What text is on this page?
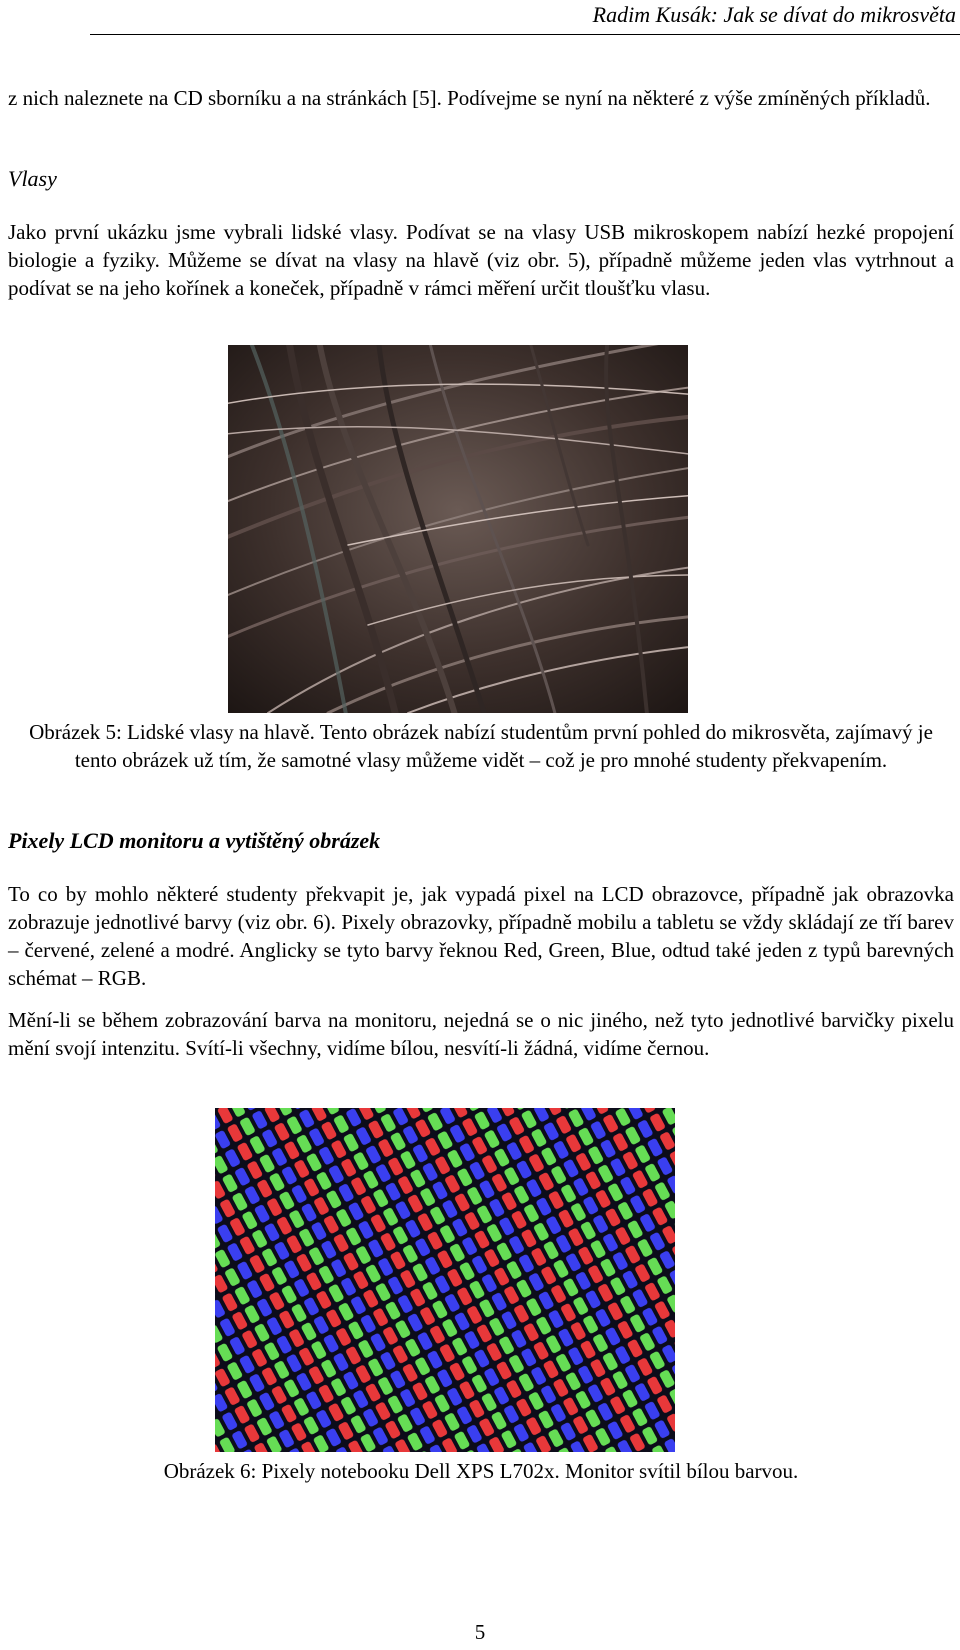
Radim Kusák: Jak se dívat do mikrosvěta
z nich naleznete na CD sborníku a na stránkách [5]. Podívejme se nyní na některé z výše zmíněných příkladů.
Vlasy
Jako první ukázku jsme vybrali lidské vlasy. Podívat se na vlasy USB mikroskopem nabízí hezké propojení biologie a fyziky. Můžeme se dívat na vlasy na hlavě (viz obr. 5), případně můžeme jeden vlas vytrhnout a podívat se na jeho kořínek a koneček, případně v rámci měření určit tloušťku vlasu.
Obrázek 5: Lidské vlasy na hlavě. Tento obrázek nabízí studentům první pohled do mikrosvěta, zajímavý je tento obrázek už tím, že samotné vlasy můžeme vidět – což je pro mnohé studenty překvapením.
Pixely LCD monitoru a vytištěný obrázek
To co by mohlo některé studenty překvapit je, jak vypadá pixel na LCD obrazovce, případně jak obrazovka zobrazuje jednotlivé barvy (viz obr. 6). Pixely obrazovky, případně mobilu a tabletu se vždy skládají ze tří barev – červené, zelené a modré. Anglicky se tyto barvy řeknou Red, Green, Blue, odtud také jeden z typů barevných schémat – RGB.
Mění-li se během zobrazování barva na monitoru, nejedná se o nic jiného, než tyto jednotlivé barvičky pixelu mění svojí intenzitu. Svítí-li všechny, vidíme bílou, nesvítí-li žádná, vidíme černou.
Obrázek 6: Pixely notebooku Dell XPS L702x. Monitor svítil bílou barvou.
5
